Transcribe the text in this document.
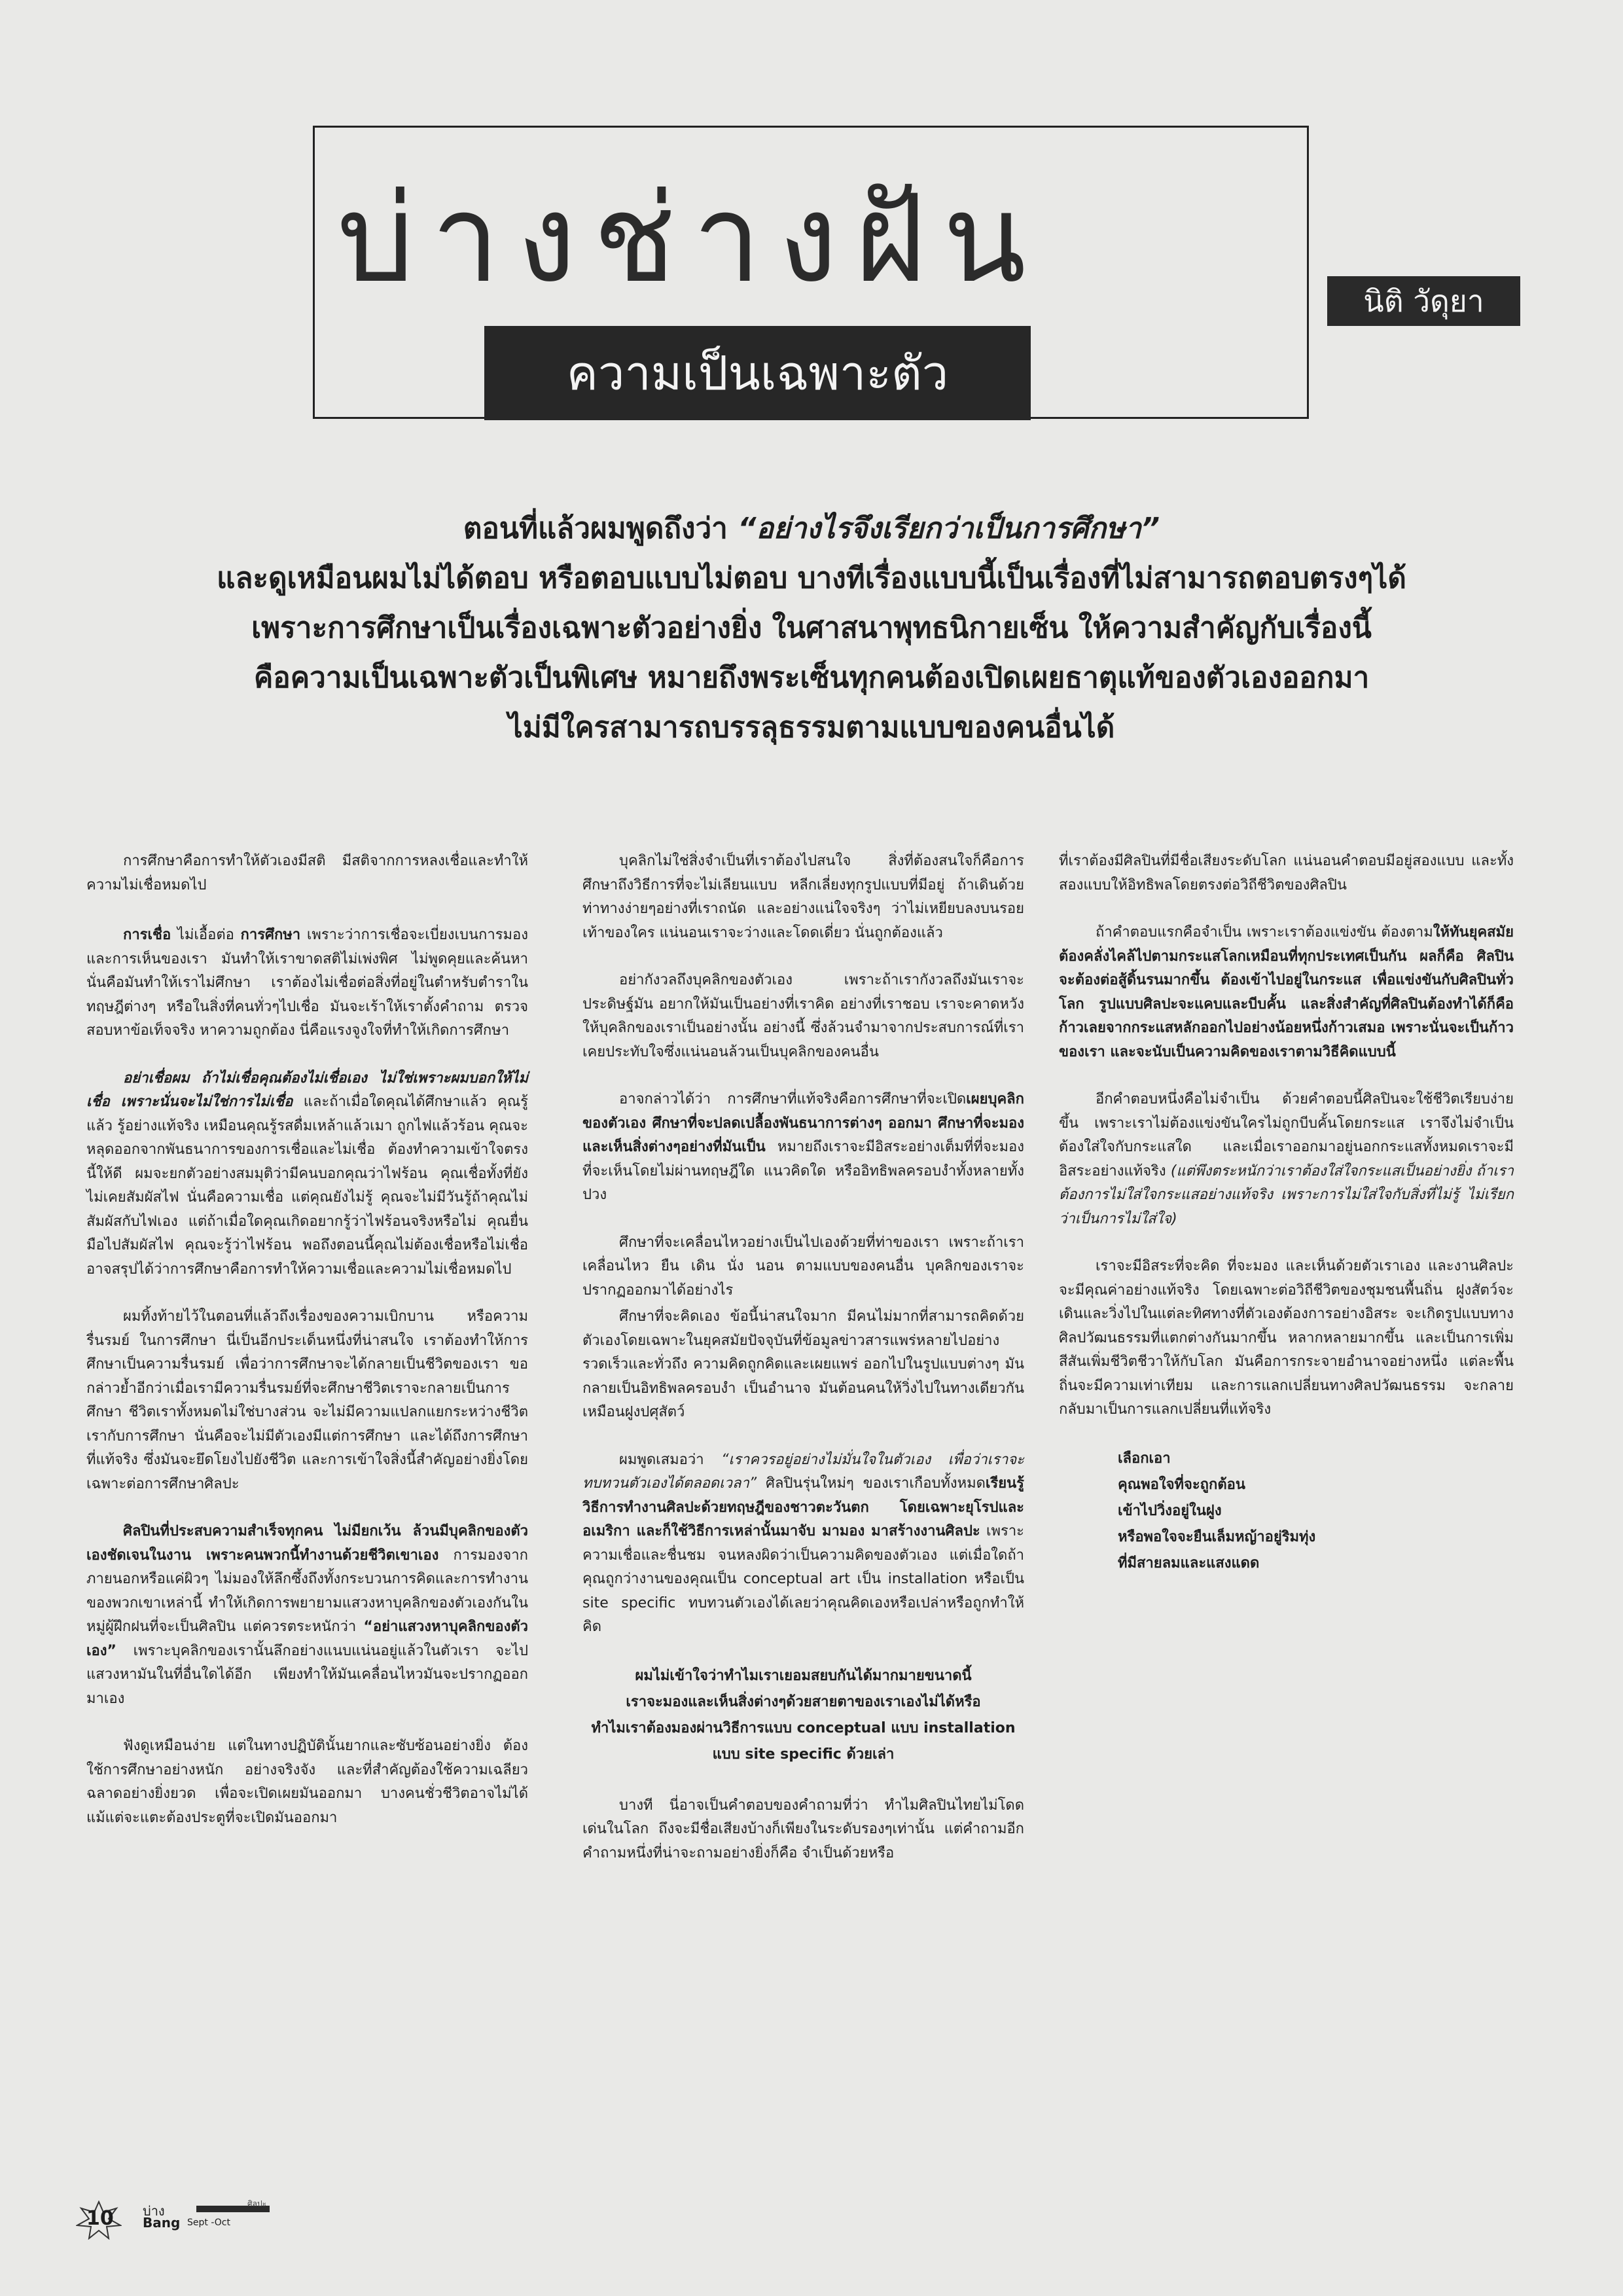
บ่างช่างฝัน	นิติ วัดุยา
ความเป็นเฉพาะตัว
ตอนที่แล้วผมพูดถึงว่า “อย่างไรจึงเรียกว่าเป็นการศึกษา”
และดูเหมือนผมไม่ได้ตอบ หรือตอบแบบไม่ตอบ บางทีเรื่องแบบนี้เป็นเรื่องที่ไม่สามารถตอบตรงๆได้
เพราะการศึกษาเป็นเรื่องเฉพาะตัวอย่างยิ่ง ในศาสนาพุทธนิกายเซ็น ให้ความสำคัญกับเรื่องนี้
คือความเป็นเฉพาะตัวเป็นพิเศษ หมายถึงพระเซ็นทุกคนต้องเปิดเผยธาตุแท้ของตัวเองออกมา
ไม่มีใครสามารถบรรลุธรรมตามแบบของคนอื่นได้

การศึกษาคือการทำให้ตัวเองมีสติ มีสติจากการหลงเชื่อและทำให้ความไม่เชื่อหมดไป

การเชื่อ ไม่เอื้อต่อ การศึกษา เพราะว่าการเชื่อจะเบี่ยงเบนการมองและการเห็นของเรา มันทำให้เราขาดสติไม่เพ่งพิศ ไม่พูดคุยและค้นหา นั่นคือมันทำให้เราไม่ศึกษา เราต้องไม่เชื่อต่อสิ่งที่อยู่ในตำหรับตำราในทฤษฎีต่างๆ หรือในสิ่งที่คนทั่วๆไปเชื่อ มันจะเร้าให้เราตั้งคำถาม ตรวจสอบหาข้อเท็จจริง หาความถูกต้อง นี่คือแรงจูงใจที่ทำให้เกิดการศึกษา

อย่าเชื่อผม ถ้าไม่เชื่อคุณต้องไม่เชื่อเอง ไม่ใช่เพราะผมบอกให้ไม่เชื่อ เพราะนั่นจะไม่ใช่การไม่เชื่อ และถ้าเมื่อใดคุณได้ศึกษาแล้ว คุณรู้แล้ว รู้อย่างแท้จริง เหมือนคุณรู้รสดื่มเหล้าแล้วเมา ถูกไฟแล้วร้อน คุณจะหลุดออกจากพันธนาการของการเชื่อและไม่เชื่อ ต้องทำความเข้าใจตรงนี้ให้ดี ผมจะยกตัวอย่างสมมุติว่ามีคนบอกคุณว่าไฟร้อน คุณเชื่อทั้งที่ยังไม่เคยสัมผัสไฟ นั่นคือความเชื่อ แต่คุณยังไม่รู้ คุณจะไม่มีวันรู้ถ้าคุณไม่สัมผัสกับไฟเอง แต่ถ้าเมื่อใดคุณเกิดอยากรู้ว่าไฟร้อนจริงหรือไม่ คุณยื่นมือไปสัมผัสไฟ คุณจะรู้ว่าไฟร้อน พอถึงตอนนี้คุณไม่ต้องเชื่อหรือไม่เชื่อ อาจสรุปได้ว่าการศึกษาคือการทำให้ความเชื่อและความไม่เชื่อหมดไป

ผมทิ้งท้ายไว้ในตอนที่แล้วถึงเรื่องของความเบิกบาน หรือความรื่นรมย์ ในการศึกษา นี่เป็นอีกประเด็นหนึ่งที่น่าสนใจ เราต้องทำให้การศึกษาเป็นความรื่นรมย์ เพื่อว่าการศึกษาจะได้กลายเป็นชีวิตของเรา ขอกล่าวย้ำอีกว่าเมื่อเรามีความรื่นรมย์ที่จะศึกษาชีวิตเราจะกลายเป็นการศึกษา ชีวิตเราทั้งหมดไม่ใช่บางส่วน จะไม่มีความแปลกแยกระหว่างชีวิตเรากับการศึกษา นั่นคือจะไม่มีตัวเองมีแต่การศึกษา และได้ถึงการศึกษาที่แท้จริง ซึ่งมันจะยึดโยงไปยังชีวิต และการเข้าใจสิ่งนี้สำคัญอย่างยิ่งโดยเฉพาะต่อการศึกษาศิลปะ

ศิลปินที่ประสบความสำเร็จทุกคน ไม่มียกเว้น ล้วนมีบุคลิกของตัวเองชัดเจนในงาน เพราะคนพวกนี้ทำงานด้วยชีวิตเขาเอง การมองจากภายนอกหรือแค่ผิวๆ ไม่มองให้ลึกซึ้งถึงทั้งกระบวนการคิดและการทำงานของพวกเขาเหล่านี้ ทำให้เกิดการพยายามแสวงหาบุคลิกของตัวเองกันในหมู่ผู้ฝึกฝนที่จะเป็นศิลปิน แต่ควรตระหนักว่า “อย่าแสวงหาบุคลิกของตัวเอง” เพราะบุคลิกของเรานั้นลึกอย่างแนบแน่นอยู่แล้วในตัวเรา จะไปแสวงหามันในที่อื่นใดได้อีก เพียงทำให้มันเคลื่อนไหวมันจะปรากฏออกมาเอง

ฟังดูเหมือนง่าย แต่ในทางปฏิบัตินั้นยากและซับซ้อนอย่างยิ่ง ต้องใช้การศึกษาอย่างหนัก อย่างจริงจัง และที่สำคัญต้องใช้ความเฉลียวฉลาดอย่างยิ่งยวด เพื่อจะเปิดเผยมันออกมา บางคนชั่วชีวิตอาจไม่ได้แม้แต่จะแตะต้องประตูที่จะเปิดมันออกมา

บุคลิกไม่ใช่สิ่งจำเป็นที่เราต้องไปสนใจ สิ่งที่ต้องสนใจก็คือการศึกษาถึงวิธีการที่จะไม่เลียนแบบ หลีกเลี่ยงทุกรูปแบบที่มีอยู่ ถ้าเดินด้วยท่าทางง่ายๆอย่างที่เราถนัด และอย่างแน่ใจจริงๆ ว่าไม่เหยียบลงบนรอยเท้าของใคร แน่นอนเราจะว่างและโดดเดี่ยว นั่นถูกต้องแล้ว

อย่ากังวลถึงบุคลิกของตัวเอง เพราะถ้าเรากังวลถึงมันเราจะประดิษฐ์มัน อยากให้มันเป็นอย่างที่เราคิด อย่างที่เราชอบ เราจะคาดหวังให้บุคลิกของเราเป็นอย่างนั้น อย่างนี้ ซึ่งล้วนจำมาจากประสบการณ์ที่เราเคยประทับใจซึ่งแน่นอนล้วนเป็นบุคลิกของคนอื่น

อาจกล่าวได้ว่า การศึกษาที่แท้จริงคือการศึกษาที่จะเปิดเผยบุคลิกของตัวเอง ศึกษาที่จะปลดเปลื้องพันธนาการต่างๆ ออกมา ศึกษาที่จะมองและเห็นสิ่งต่างๆอย่างที่มันเป็น หมายถึงเราจะมีอิสระอย่างเต็มที่ที่จะมองที่จะเห็นโดยไม่ผ่านทฤษฎีใด แนวคิดใด หรืออิทธิพลครอบงำทั้งหลายทั้งปวง

ศึกษาที่จะเคลื่อนไหวอย่างเป็นไปเองด้วยที่ท่าของเรา เพราะถ้าเราเคลื่อนไหว ยืน เดิน นั่ง นอน ตามแบบของคนอื่น บุคลิกของเราจะปรากฏออกมาได้อย่างไร

ศึกษาที่จะคิดเอง ข้อนี้น่าสนใจมาก มีคนไม่มากที่สามารถคิดด้วยตัวเองโดยเฉพาะในยุคสมัยปัจจุบันที่ข้อมูลข่าวสารแพร่หลายไปอย่างรวดเร็วและทั่วถึง ความคิดถูกคิดและเผยแพร่ ออกไปในรูปแบบต่างๆ มันกลายเป็นอิทธิพลครอบงำ เป็นอำนาจ มันต้อนคนให้วิ่งไปในทางเดียวกันเหมือนฝูงปศุสัตว์

ผมพูดเสมอว่า “เราควรอยู่อย่างไม่มั่นใจในตัวเอง เพื่อว่าเราจะทบทวนตัวเองได้ตลอดเวลา” ศิลปินรุ่นใหม่ๆ ของเราเกือบทั้งหมดเรียนรู้วิธีการทำงานศิลปะด้วยทฤษฎีของชาวตะวันตก โดยเฉพาะยุโรปและอเมริกา และก็ใช้วิธีการเหล่านั้นมาจับ มามอง มาสร้างงานศิลปะ เพราะความเชื่อและชื่นชม จนหลงผิดว่าเป็นความคิดของตัวเอง แต่เมื่อใดถ้าคุณถูกว่างานของคุณเป็น conceptual art เป็น installation หรือเป็น site specific ทบทวนตัวเองได้เลยว่าคุณคิดเองหรือเปล่าหรือถูกทำให้คิด

ผมไม่เข้าใจว่าทำไมเราเยอมสยบกันได้มากมายขนาดนี้
เราจะมองและเห็นสิ่งต่างๆด้วยสายตาของเราเองไม่ได้หรือ
ทำไมเราต้องมองผ่านวิธีการแบบ conceptual แบบ installation
แบบ site specific ด้วยเล่า

บางที นี่อาจเป็นคำตอบของคำถามที่ว่า ทำไมศิลปินไทยไม่โดดเด่นในโลก ถึงจะมีชื่อเสียงบ้างก็เพียงในระดับรองๆเท่านั้น แต่คำถามอีกคำถามหนึ่งที่น่าจะถามอย่างยิ่งก็คือ จำเป็นด้วยหรือ

ที่เราต้องมีศิลปินที่มีชื่อเสียงระดับโลก แน่นอนคำตอบมีอยู่สองแบบ และทั้งสองแบบให้อิทธิพลโดยตรงต่อวิถีชีวิตของศิลปิน

ถ้าคำตอบแรกคือจำเป็น เพราะเราต้องแข่งขัน ต้องตามให้ทันยุคสมัย ต้องคลั่งไคล้ไปตามกระแสโลกเหมือนที่ทุกประเทศเป็นกัน ผลก็คือ ศิลปินจะต้องต่อสู้ดิ้นรนมากขึ้น ต้องเข้าไปอยู่ในกระแส เพื่อแข่งขันกับศิลปินทั่วโลก รูปแบบศิลปะจะแคบและบีบคั้น และสิ่งสำคัญที่ศิลปินต้องทำได้ก็คือ ก้าวเลยจากกระแสหลักออกไปอย่างน้อยหนึ่งก้าวเสมอ เพราะนั่นจะเป็นก้าวของเรา และจะนับเป็นความคิดของเราตามวิธีคิดแบบนี้

อีกคำตอบหนึ่งคือไม่จำเป็น ด้วยคำตอบนี้ศิลปินจะใช้ชีวิตเรียบง่ายขึ้น เพราะเราไม่ต้องแข่งขันใครไม่ถูกบีบคั้นโดยกระแส เราจึงไม่จำเป็นต้องใส่ใจกับกระแสใด และเมื่อเราออกมาอยู่นอกกระแสทั้งหมดเราจะมีอิสระอย่างแท้จริง (แต่พึงตระหนักว่าเราต้องใส่ใจกระแสเป็นอย่างยิ่ง ถ้าเราต้องการไม่ใส่ใจกระแสอย่างแท้จริง เพราะการไม่ใส่ใจกับสิ่งที่ไม่รู้ ไม่เรียกว่าเป็นการไม่ใส่ใจ)

เราจะมีอิสระที่จะคิด ที่จะมอง และเห็นด้วยตัวเราเอง และงานศิลปะจะมีคุณค่าอย่างแท้จริง โดยเฉพาะต่อวิถีชีวิตของชุมชนพื้นถิ่น ฝูงสัตว์จะเดินและวิ่งไปในแต่ละทิศทางที่ตัวเองต้องการอย่างอิสระ จะเกิดรูปแบบทางศิลปวัฒนธรรมที่แตกต่างกันมากขึ้น หลากหลายมากขึ้น และเป็นการเพิ่มสีสันเพิ่มชีวิตชีวาให้กับโลก มันคือการกระจายอำนาจอย่างหนึ่ง แต่ละพื้นถิ่นจะมีความเท่าเทียม และการแลกเปลี่ยนทางศิลปวัฒนธรรม จะกลายกลับมาเป็นการแลกเปลี่ยนที่แท้จริง

เลือกเอา
คุณพอใจที่จะถูกต้อน
เข้าไปวิ่งอยู่ในฝูง
หรือพอใจจะยืนเล็มหญ้าอยู่ริมทุ่ง
ที่มีสายลมและแสงแดด
10 บ่าง
Bang Sept -Oct
ศิลปะ
